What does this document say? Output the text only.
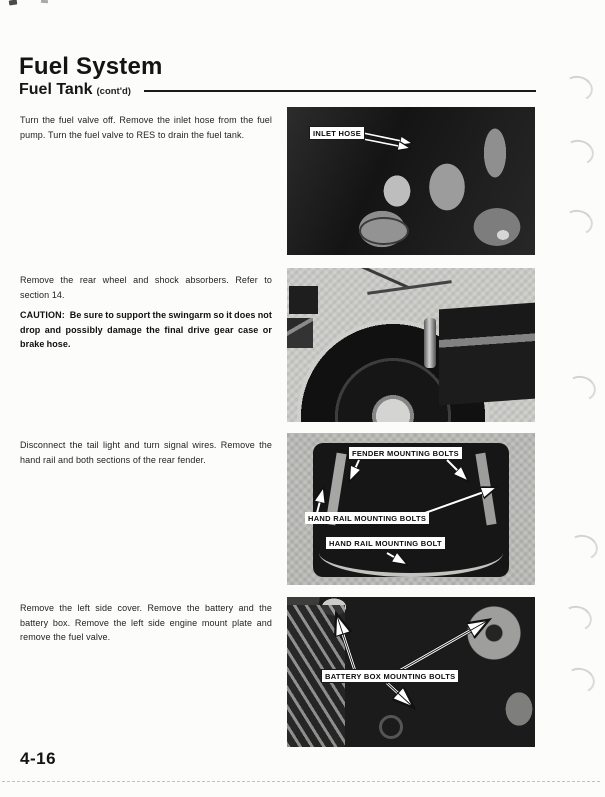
Fuel System
Fuel Tank (cont'd)

Turn the fuel valve off. Remove the inlet hose from the fuel pump. Turn the fuel valve to RES to drain the fuel tank.

Remove the rear wheel and shock absorbers. Refer to section 14.

CAUTION: Be sure to support the swingarm so it does not drop and possibly damage the final drive gear case or brake hose.

Disconnect the tail light and turn signal wires. Remove the hand rail and both sections of the rear fender.

Remove the left side cover. Remove the battery and the battery box. Remove the left side engine mount plate and remove the fuel valve.

INLET HOSE
FENDER MOUNTING BOLTS
HAND RAIL MOUNTING BOLTS
HAND RAIL MOUNTING BOLT
BATTERY BOX MOUNTING BOLTS
4-16
